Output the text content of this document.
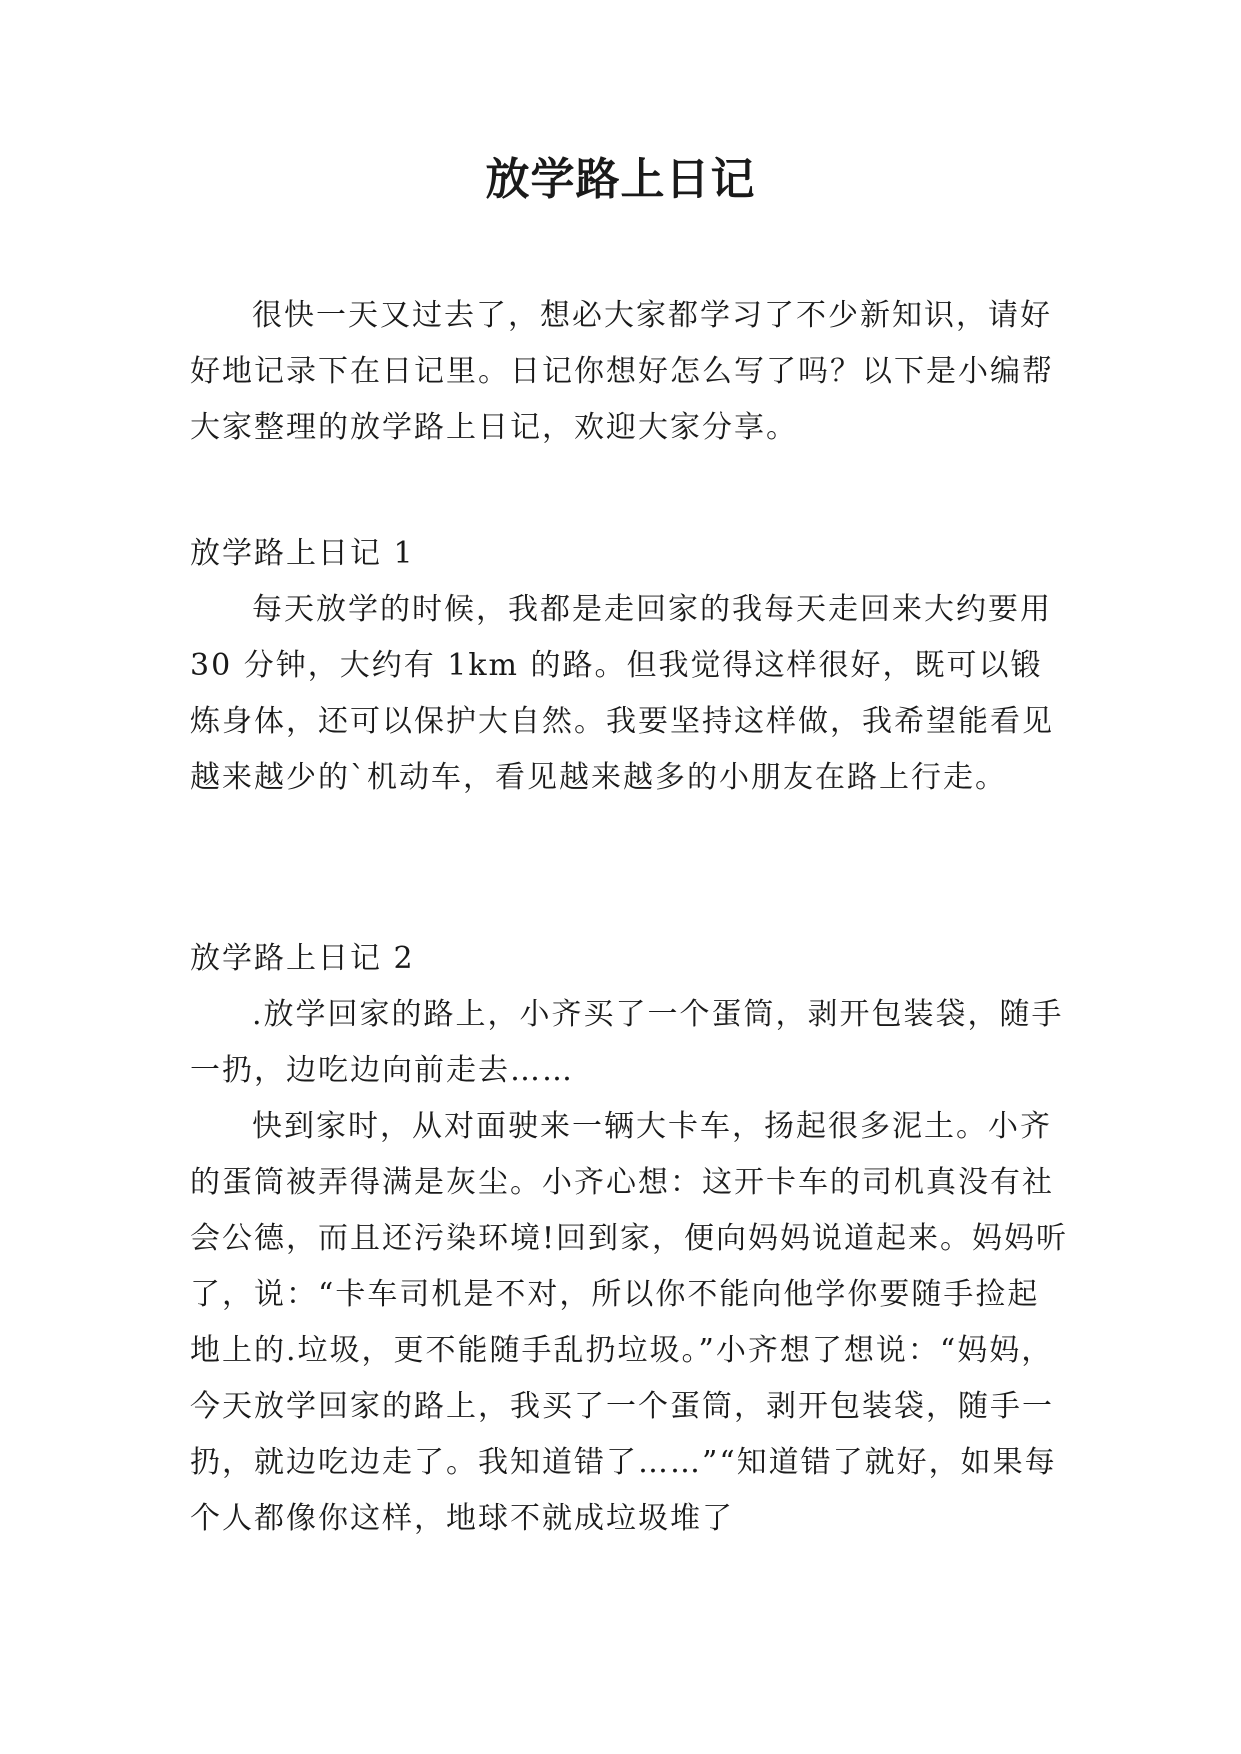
放学路上日记

很快一天又过去了，想必大家都学习了不少新知识，请好好地记录下在日记里。日记你想好怎么写了吗？以下是小编帮大家整理的放学路上日记，欢迎大家分享。

放学路上日记 1

每天放学的时候，我都是走回家的我每天走回来大约要用 30 分钟，大约有 1km 的路。但我觉得这样很好，既可以锻炼身体，还可以保护大自然。我要坚持这样做，我希望能看见越来越少的`机动车，看见越来越多的小朋友在路上行走。

放学路上日记 2

.放学回家的路上，小齐买了一个蛋筒，剥开包装袋，随手一扔，边吃边向前走去……

快到家时，从对面驶来一辆大卡车，扬起很多泥土。小齐的蛋筒被弄得满是灰尘。小齐心想：这开卡车的司机真没有社会公德，而且还污染环境!回到家，便向妈妈说道起来。妈妈听了，说：“卡车司机是不对，所以你不能向他学你要随手捡起地上的.垃圾，更不能随手乱扔垃圾。”小齐想了想说：“妈妈，今天放学回家的路上，我买了一个蛋筒，剥开包装袋，随手一扔，就边吃边走了。我知道错了……”“知道错了就好，如果每个人都像你这样，地球不就成垃圾堆了
